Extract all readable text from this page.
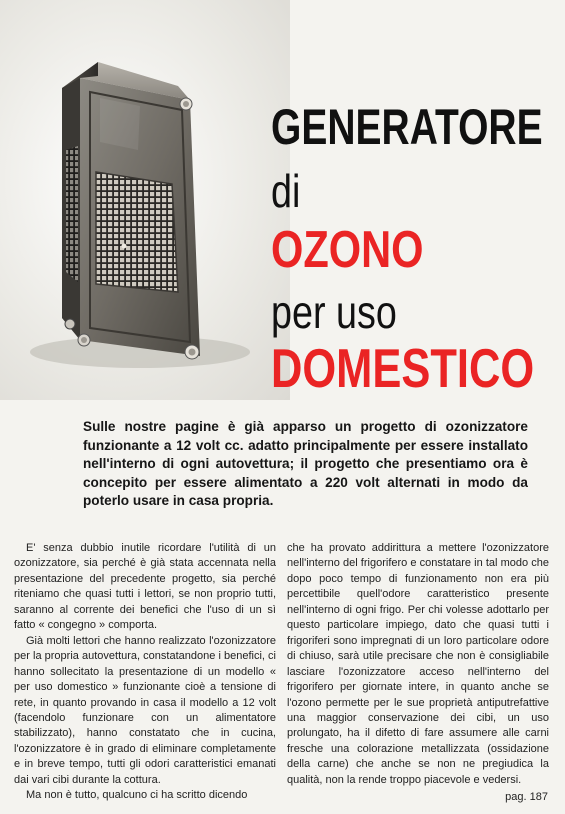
GENERATORE
di
OZONO
per uso
DOMESTICO
Sulle nostre pagine è già apparso un progetto di ozonizzatore funzionante a 12 volt cc. adatto principalmente per essere installato nell'interno di ogni autovettura; il progetto che presentiamo ora è concepito per essere alimentato a 220 volt alternati in modo da poterlo usare in casa propria.

E' senza dubbio inutile ricordare l'utilità di un ozonizzatore, sia perché è già stata accennata nella presentazione del precedente progetto, sia perché riteniamo che quasi tutti i lettori, se non proprio tutti, saranno al corrente dei benefici che l'uso di un sì fatto « congegno » comporta.

Già molti lettori che hanno realizzato l'ozonizzatore per la propria autovettura, constatandone i benefici, ci hanno sollecitato la presentazione di un modello « per uso domestico » funzionante cioè a tensione di rete, in quanto provando in casa il modello a 12 volt (facendolo funzionare con un alimentatore stabilizzato), hanno constatato che in cucina, l'ozonizzatore è in grado di eliminare completamente e in breve tempo, tutti gli odori caratteristici emanati dai vari cibi durante la cottura.

Ma non è tutto, qualcuno ci ha scritto dicendo

che ha provato addirittura a mettere l'ozonizzatore nell'interno del frigorifero e constatare in tal modo che dopo poco tempo di funzionamento non era più percettibile quell'odore caratteristico presente nell'interno di ogni frigo. Per chi volesse adottarlo per questo particolare impiego, dato che quasi tutti i frigoriferi sono impregnati di un loro particolare odore di chiuso, sarà utile precisare che non è consigliabile lasciare l'ozonizzatore acceso nell'interno del frigorifero per giornate intere, in quanto anche se l'ozono permette per le sue proprietà antiputrefattive una maggior conservazione dei cibi, un uso prolungato, ha il difetto di fare assumere alle carni fresche una colorazione metallizzata (ossidazione della carne) che anche se non ne pregiudica la qualità, non la rende troppo piacevole e vedersi.

pag. 187
